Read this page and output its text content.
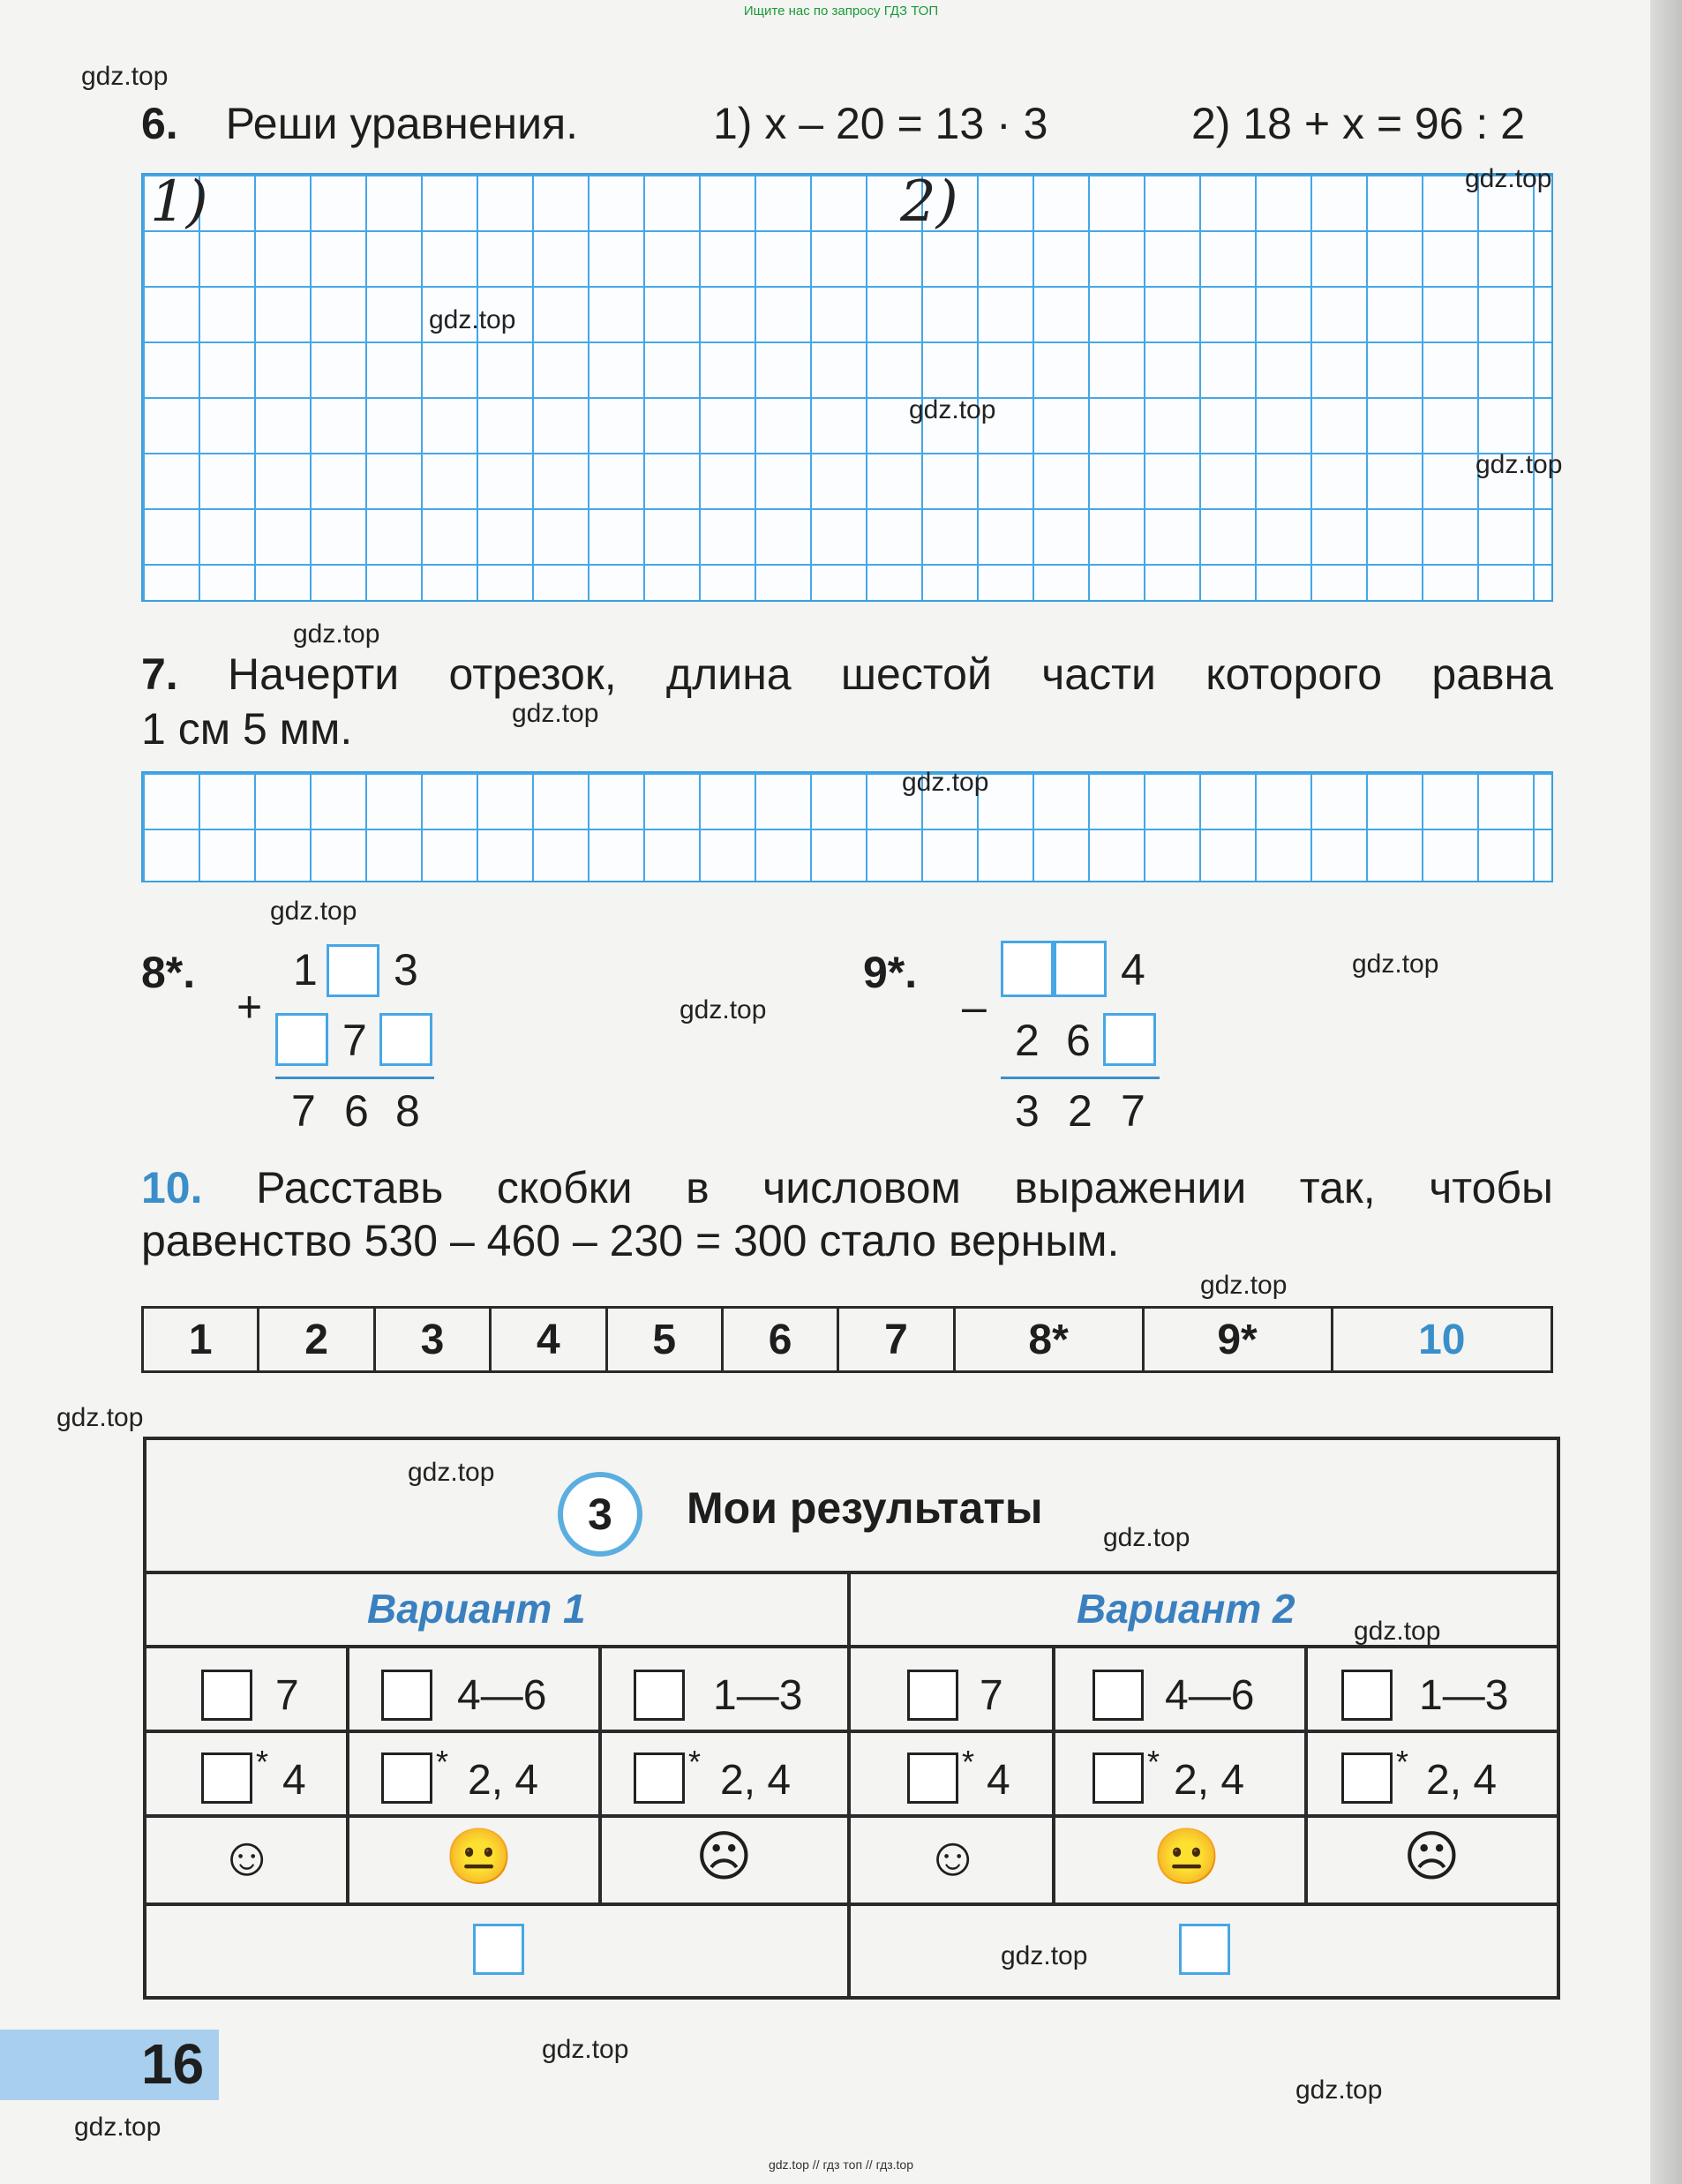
Ищите нас по запросу ГДЗ ТОП
6. Реши уравнения.	1) x – 20 = 13 · 3	2) 18 + x = 96 : 2
1)	2)
7. Начерти отрезок, длина шестой части которого равна
1 см 5 мм.
8*.
+
1 3
7
7 6 8
9*.
–
4
2 6
3 2 7
10. Расставь скобки в числовом выражении так, чтобы
равенство 530 – 460 – 230 = 300 стало верным.
1	2	3	4	5	6	7	8*	9*	10
3	Мои результаты
Вариант 1	Вариант 2
7	4—6	1—3	7	4—6	1—3
* 4	* 2, 4	* 2, 4	* 4	* 2, 4	* 2, 4
☺	😐	☹	☺	😐	☹
16
gdz.top
gdz.top
gdz.top
gdz.top
gdz.top
gdz.top
gdz.top
gdz.top
gdz.top
gdz.top
gdz.top
gdz.top
gdz.top
gdz.top
gdz.top
gdz.top
gdz.top
gdz.top
gdz.top
gdz.top
gdz.top // гдз топ // гдз.top
